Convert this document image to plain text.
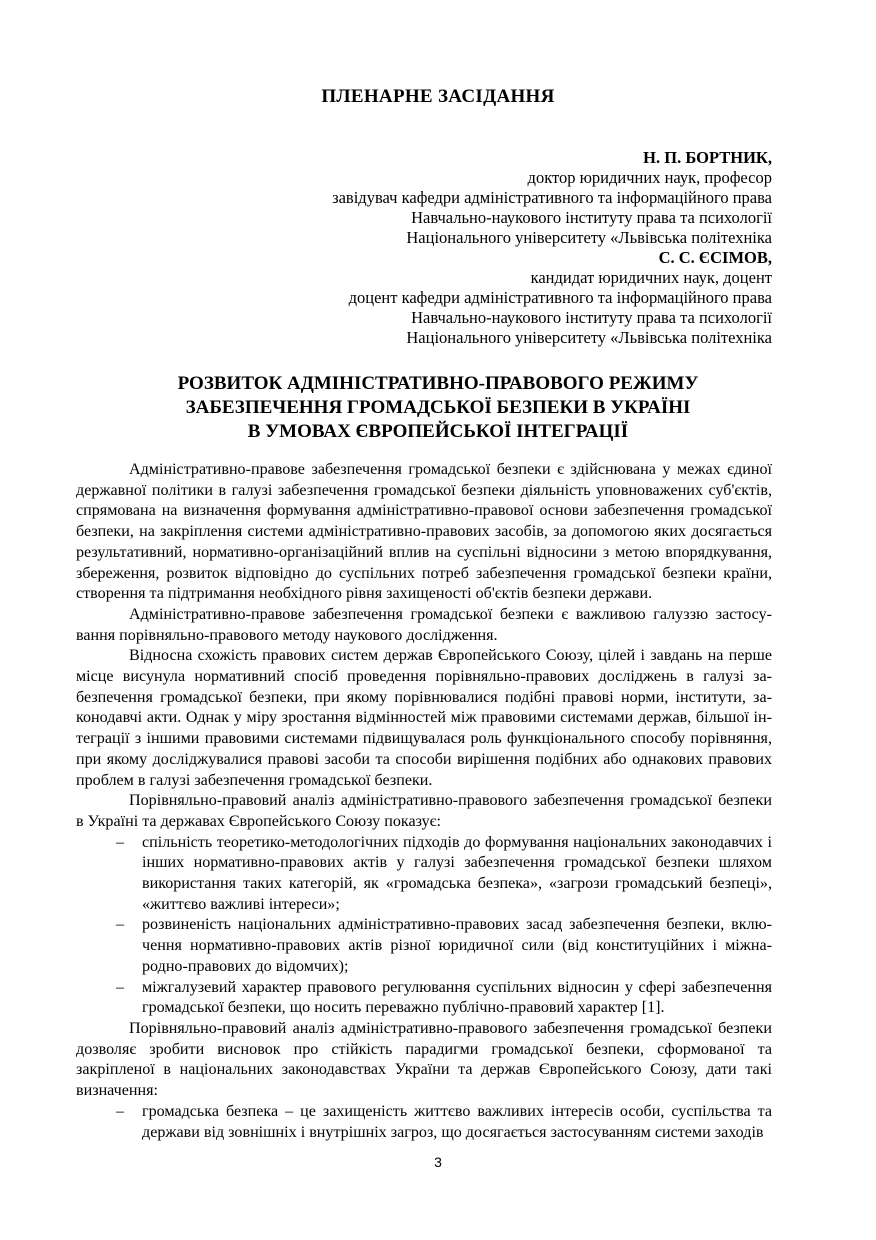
ПЛЕНАРНЕ ЗАСІДАННЯ
Н. П. БОРТНИК,
доктор юридичних наук, професор
завідувач кафедри адміністративного та інформаційного права
Навчально-наукового інституту права та психології
Національного університету «Львівська політехніка
С. С. ЄСІМОВ,
кандидат юридичних наук, доцент
доцент кафедри адміністративного та інформаційного права
Навчально-наукового інституту права та психології
Національного університету «Львівська політехніка
РОЗВИТОК АДМІНІСТРАТИВНО-ПРАВОВОГО РЕЖИМУ
ЗАБЕЗПЕЧЕННЯ ГРОМАДСЬКОЇ БЕЗПЕКИ В УКРАЇНІ
В УМОВАХ ЄВРОПЕЙСЬКОЇ ІНТЕГРАЦІЇ

Адміністративно-правове забезпечення громадської безпеки є здійснювана у межах єдиної державної політики в галузі забезпечення громадської безпеки діяльність уповноважених суб'єктів, спрямована на визначення формування адміністративно-правової основи забезпечення громадської безпеки, на закріплення системи адміністративно-правових засобів, за допомогою яких досягається результативний, нормативно-організаційний вплив на суспільні відносини з метою впорядкування, збереження, розвиток відповідно до суспільних потреб забезпечення громадської безпеки країни, створення та підтримання необхідного рівня захищеності об'єктів безпеки держави.

Адміністративно-правове забезпечення громадської безпеки є важливою галуззю застосування порівняльно-правового методу наукового дослідження.

Відносна схожість правових систем держав Європейського Союзу, цілей і завдань на перше місце висунула нормативний спосіб проведення порівняльно-правових досліджень в галузі забезпечення громадської безпеки, при якому порівнювалися подібні правові норми, інститути, законодавчі акти. Однак у міру зростання відмінностей між правовими системами держав, більшої інтеграції з іншими правовими системами підвищувалася роль функціонального способу порівняння, при якому досліджувалися правові засоби та способи вирішення подібних або однакових правових проблем в галузі забезпечення громадської безпеки.

Порівняльно-правовий аналіз адміністративно-правового забезпечення громадської безпеки в Україні та державах Європейського Союзу показує:

– спільність теоретико-методологічних підходів до формування національних законодавчих і інших нормативно-правових актів у галузі забезпечення громадської безпеки шляхом використання таких категорій, як «громадська безпека», «загрози громадський безпеці», «життєво важливі інтереси»;
– розвиненість національних адміністративно-правових засад забезпечення безпеки, включення нормативно-правових актів різної юридичної сили (від конституційних і міжнародно-правових до відомчих);
– міжгалузевий характер правового регулювання суспільних відносин у сфері забезпечення громадської безпеки, що носить переважно публічно-правовий характер [1].

Порівняльно-правовий аналіз адміністративно-правового забезпечення громадської безпеки дозволяє зробити висновок про стійкість парадигми громадської безпеки, сформованої та закріпленої в національних законодавствах України та держав Європейського Союзу, дати такі визначення:

– громадська безпека – це захищеність життєво важливих інтересів особи, суспільства та держави від зовнішніх і внутрішніх загроз, що досягається застосуванням системи заходів
3
